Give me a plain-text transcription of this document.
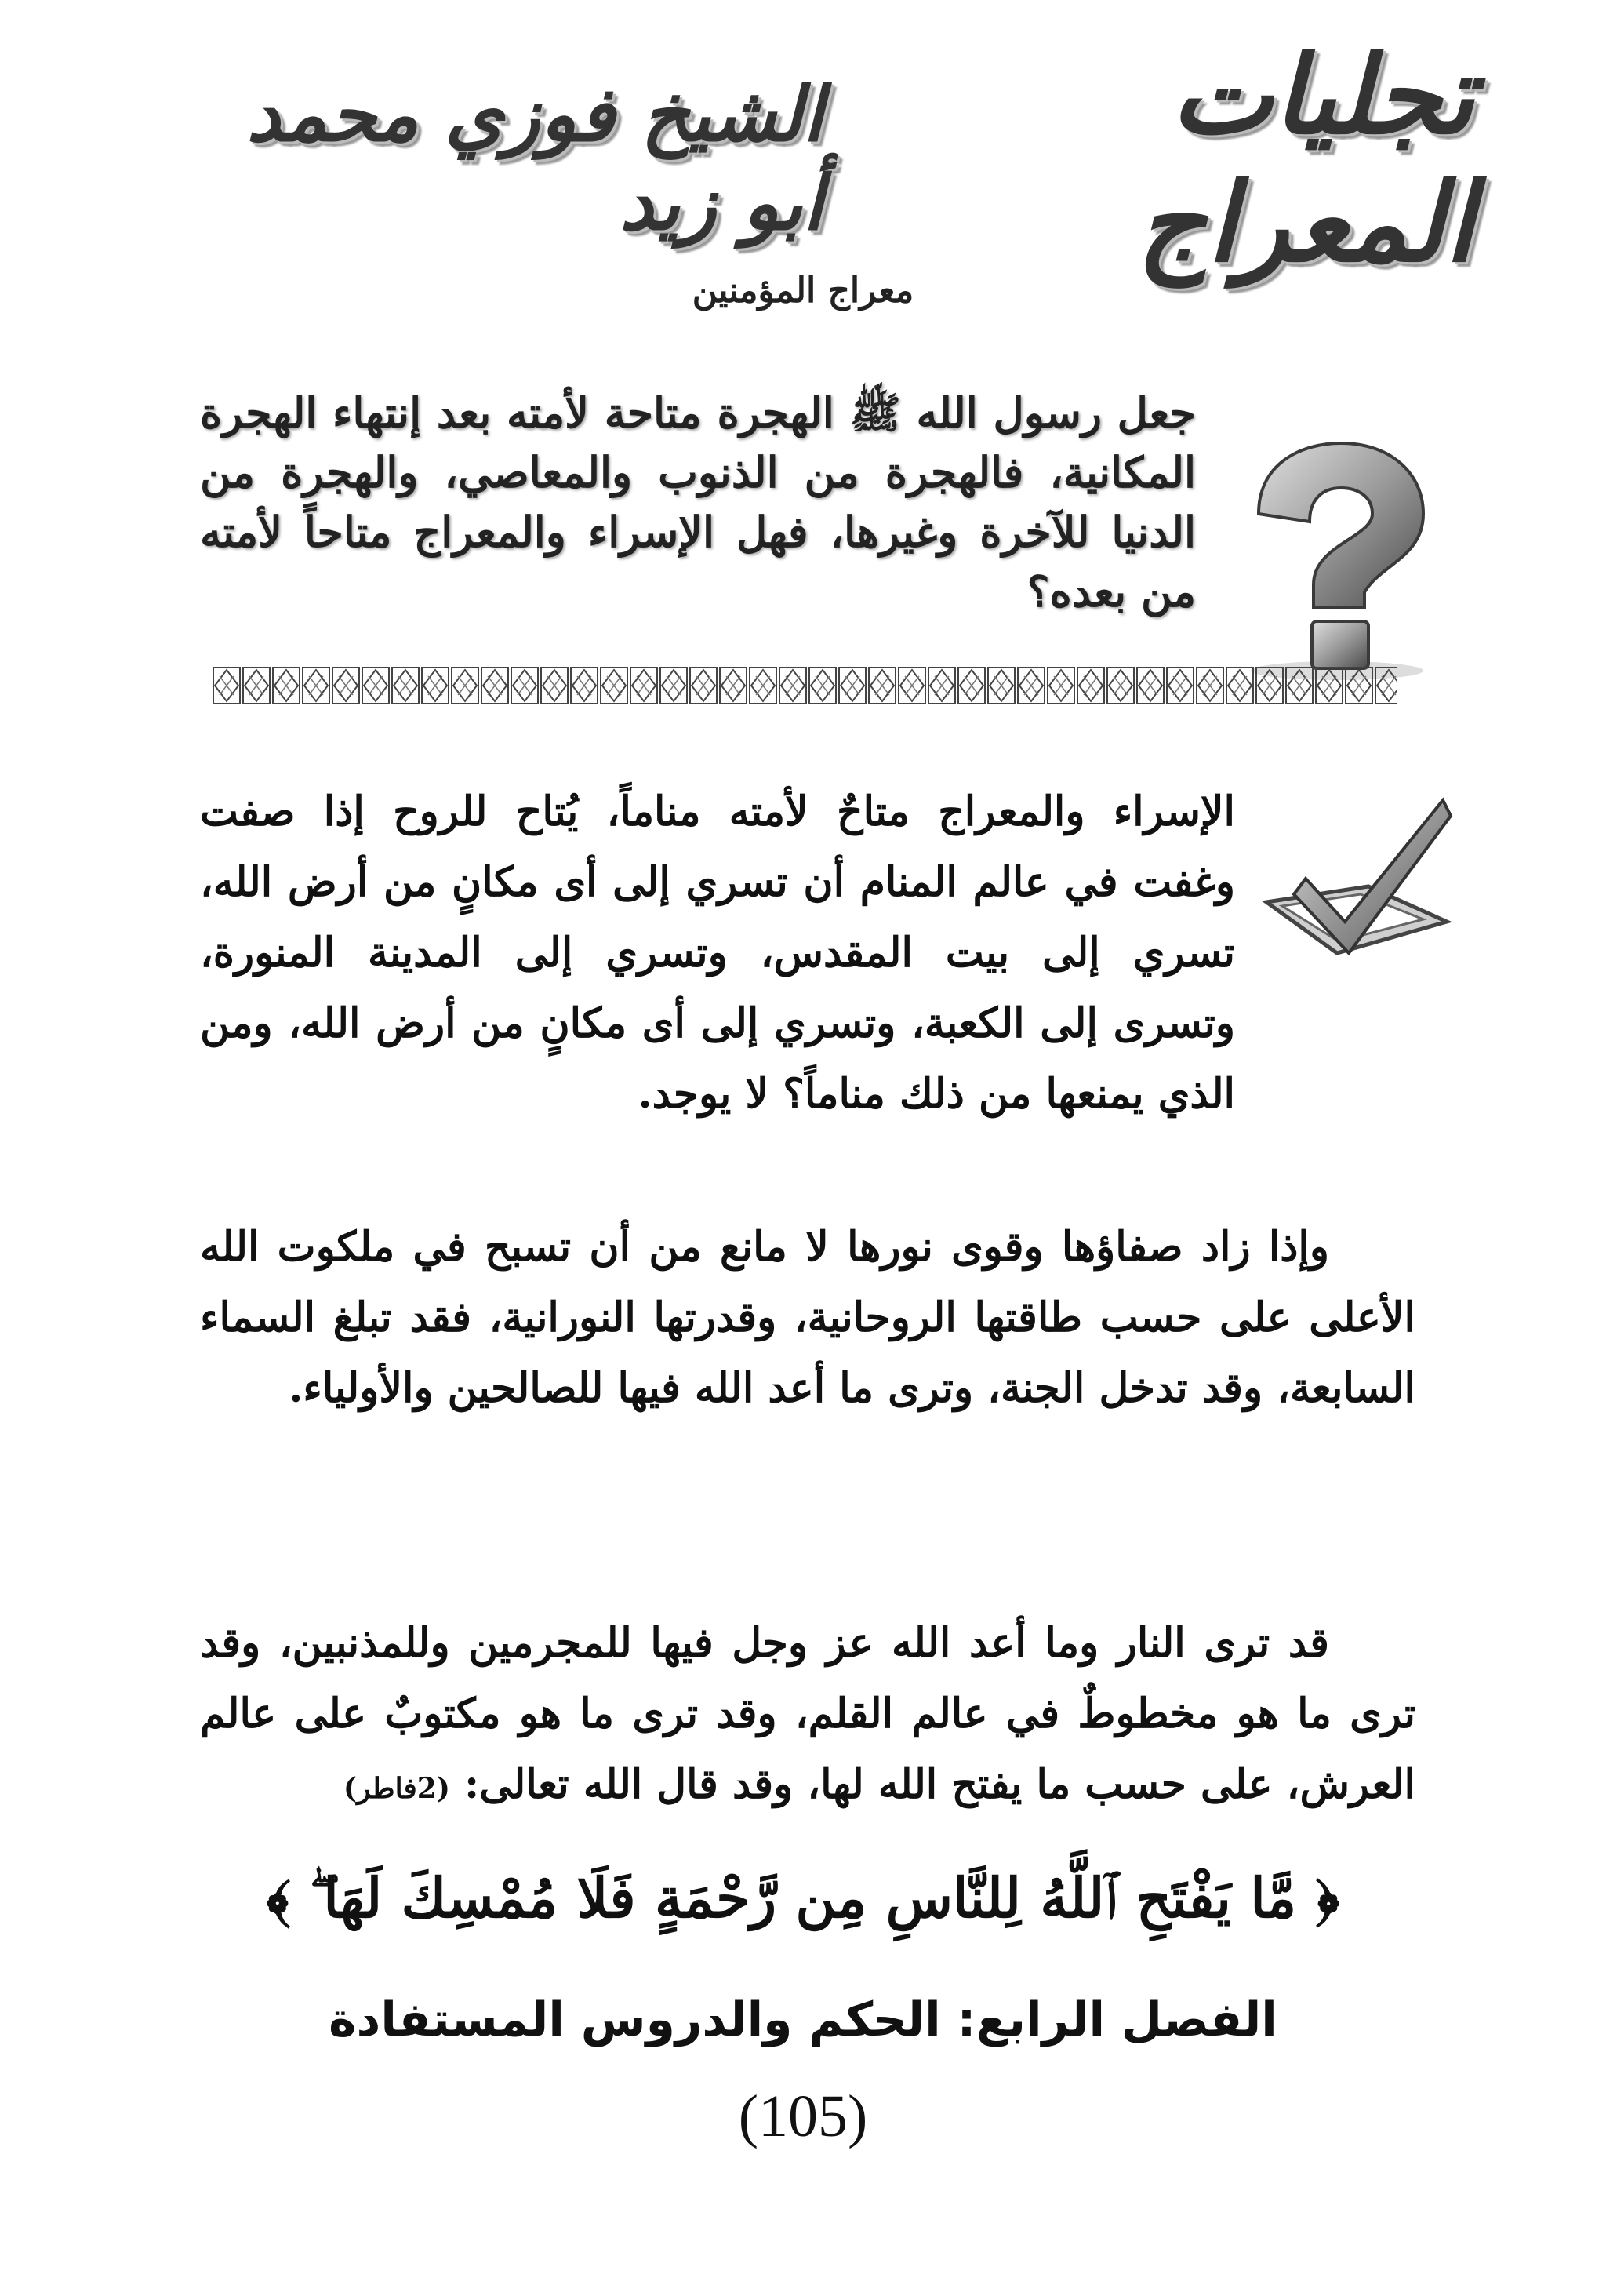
تجليات المعراج
الشيخ فوزي محمد أبو زيد
معراج المؤمنين
جعل رسول الله ﷺ الهجرة متاحة لأمته بعد إنتهاء الهجرة المكانية، فالهجرة من الذنوب والمعاصي، والهجرة من الدنيا للآخرة وغيرها، فهل الإسراء والمعراج متاحاً لأمته من بعده؟
الإسراء والمعراج متاحٌ لأمته مناماً، يُتاح للروح إذا صفت وغفت في عالم المنام أن تسري إلى أى مكانٍ من أرض الله، تسري إلى بيت المقدس، وتسري إلى المدينة المنورة، وتسرى إلى الكعبة، وتسري إلى أى مكانٍ من أرض الله، ومن الذي يمنعها من ذلك مناماً؟ لا يوجد.
وإذا زاد صفاؤها وقوى نورها لا مانع من أن تسبح في ملكوت الله الأعلى على حسب طاقتها الروحانية، وقدرتها النورانية، فقد تبلغ السماء السابعة، وقد تدخل الجنة، وترى ما أعد الله فيها للصالحين والأولياء.
قد ترى النار وما أعد الله عز وجل فيها للمجرمين وللمذنبين، وقد ترى ما هو مخطوطٌ في عالم القلم، وقد ترى ما هو مكتوبٌ على عالم العرش، على حسب ما يفتح الله لها، وقد قال الله تعالى: (2فاطر)
﴿ مَّا يَفْتَحِ ٱللَّهُ لِلنَّاسِ مِن رَّحْمَةٍ فَلَا مُمْسِكَ لَهَا ۖ ﴾
الفصل الرابع: الحكم والدروس المستفادة
(105)
